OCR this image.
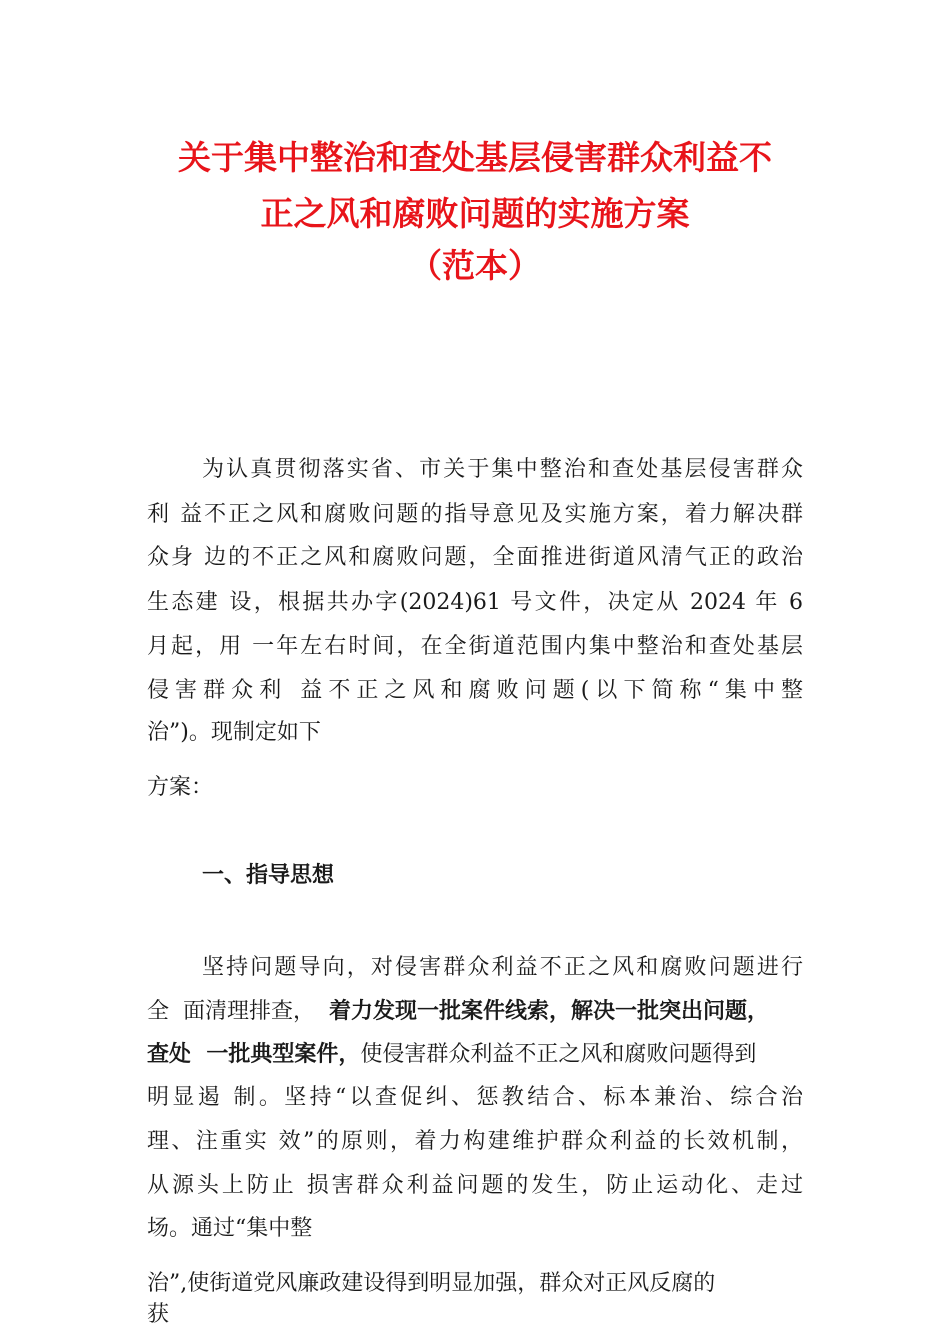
关于集中整治和查处基层侵害群众利益不
正之风和腐败问题的实施方案
（范本）
为认真贯彻落实省、市关于集中整治和查处基层侵害群众
利 益不正之风和腐败问题的指导意见及实施方案，着力解决群
众身 边的不正之风和腐败问题，全面推进街道风清气正的政治
生态建 设，根据共办字(2024)61 号文件，决定从 2024 年 6
月起，用 一年左右时间，在全街道范围内集中整治和查处基层
侵害群众利 益不正之风和腐败问题(以下简称“集中整
治”)。现制定如下
方案：
一、指导思想
坚持问题导向，对侵害群众利益不正之风和腐败问题进行
全  面清理排查， 着力发现一批案件线索，解决一批突出问题，
查处  一批典型案件，使侵害群众利益不正之风和腐败问题得到
明显遏 制。坚持“以查促纠、惩教结合、标本兼治、综合治
理、注重实 效”的原则，着力构建维护群众利益的长效机制，
从源头上防止 损害群众利益问题的发生，防止运动化、走过
场。通过“集中整
治”,使街道党风廉政建设得到明显加强，群众对正风反腐的
获
